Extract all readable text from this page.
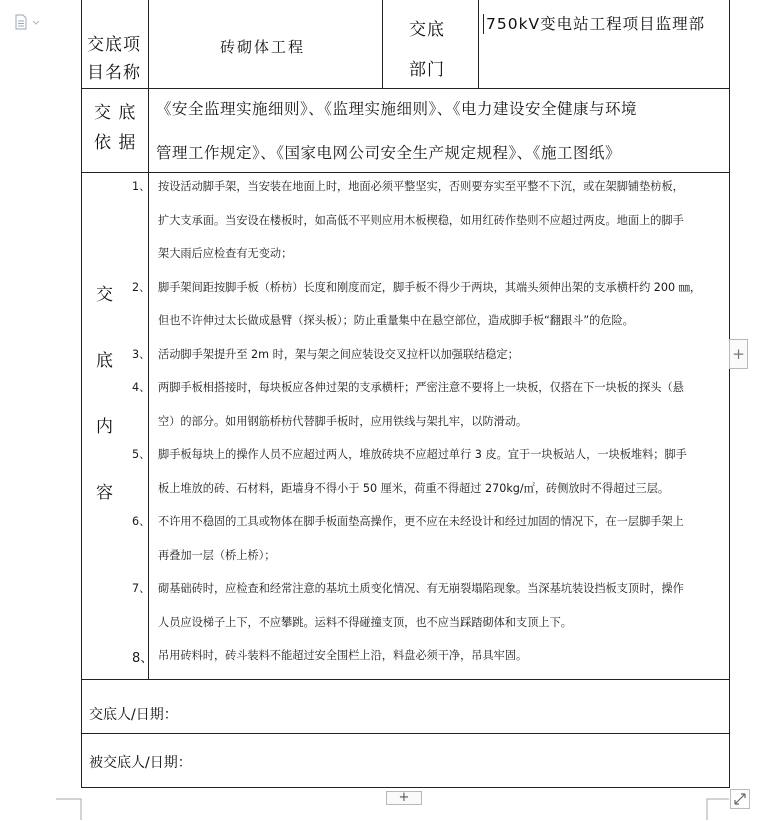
交底项
目名称
砖砌体工程
交底
部门
750kV变电站工程项目监理部
交 底
依 据
《安全监理实施细则》、《监理实施细则》、《电力建设安全健康与环境
管理工作规定》、《国家电网公司安全生产规定规程》、《施工图纸》
交
底
内
容
1、 按设活动脚手架，当安装在地面上时，地面必须平整坚实，否则要夯实至平整不下沉，或在架脚铺垫枋板，
扩大支承面。当安设在楼板时，如高低不平则应用木板楔稳，如用红砖作垫则不应超过两皮。地面上的脚手
架大雨后应检查有无变动；
2、 脚手架间距按脚手板（桥枋）长度和刚度而定，脚手板不得少于两块，其端头须伸出架的支承横杆约 200 ㎜，
但也不许伸过太长做成悬臂（探头板）；防止重量集中在悬空部位，造成脚手板“翻跟斗”的危险。
3、 活动脚手架提升至 2m 时，架与架之间应装设交叉拉杆以加强联结稳定；
4、 两脚手板相搭接时，每块板应各伸过架的支承横杆；严密注意不要将上一块板，仅搭在下一块板的探头（悬
空）的部分。如用钢筋桥枋代替脚手板时，应用铁线与架扎牢，以防滑动。
5、 脚手板每块上的操作人员不应超过两人，堆放砖块不应超过单行 3 皮。宜于一块板站人，一块板堆料；脚手
板上堆放的砖、石材料，距墙身不得小于 50 厘米，荷重不得超过 270kg/㎡，砖侧放时不得超过三层。
6、 不许用不稳固的工具或物体在脚手板面垫高操作，更不应在未经设计和经过加固的情况下，在一层脚手架上
再叠加一层（桥上桥）；
7、 砌基础砖时，应检查和经常注意的基坑土质变化情况、有无崩裂塌陷现象。当深基坑装设挡板支顶时，操作
人员应设梯子上下，不应攀跳。运料不得碰撞支顶，也不应当踩踏砌体和支顶上下。
8、 吊用砖料时，砖斗装料不能超过安全围栏上沿，料盘必须干净，吊具牢固。
交底人/日期：
被交底人/日期：
+
+
